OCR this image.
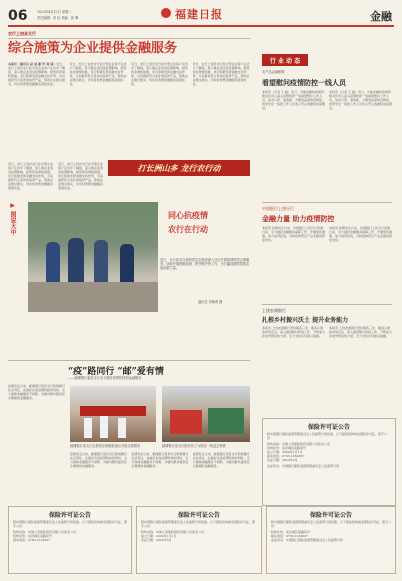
06	2022年4月12日 星期二
责任编辑：李 佳 美编：张 琳	福建日报	金融
农行上饶县支行
综合施策为企业提供金融服务
本报讯（通讯员 赵 诚 谢 军 周 倩）近日，农行上饶县支行在中型企业客户走访中了解到，某小微企业因受疫情影响，经营资金周转困难。该行积极发挥金融支持作用，为其推荐符合条件的信贷产品，帮助企业渡过难关，切实将普惠金融服务落到实处。
近日，农行上饶县支行在中型企业客户走访中了解到，某小微企业因受疫情影响，经营资金周转困难。该行积极发挥金融支持作用，为其推荐符合条件的信贷产品，帮助企业渡过难关，切实将普惠金融服务落到实处。
近日，农行上饶县支行在中型企业客户走访中了解到，某小微企业因受疫情影响，经营资金周转困难。该行积极发挥金融支持作用，为其推荐符合条件的信贷产品，帮助企业渡过难关，切实将普惠金融服务落到实处。
近日，农行上饶县支行在中型企业客户走访中了解到，某小微企业因受疫情影响，经营资金周转困难。该行积极发挥金融支持作用，为其推荐符合条件的信贷产品，帮助企业渡过难关，切实将普惠金融服务落到实处。
打长洲山多 龙行农行动
近日，农行上饶县支行在中型企业客户走访中了解到，某小微企业因受疫情影响，经营资金周转困难。该行积极发挥金融支持作用，为其推荐符合条件的信贷产品，帮助企业渡过难关，切实将普惠金融服务落到实处。
近日，农行上饶县支行在中型企业客户走访中了解到，某小微企业因受疫情影响，经营资金周转困难。该行积极发挥金融支持作用，为其推荐符合条件的信贷产品，帮助企业渡过难关，切实将普惠金融服务落到实处。
▶ 图说大中	同心抗疫情
农行在行动
近日，农行某支行组织党员志愿者深入社区开展疫情防控志愿服务，协助开展核酸检测、秩序维护等工作，为打赢疫情防控阻击战贡献力量。
通讯员 李晓明 摄
行 业 动 态
农产品金融保障
看望慰问疫情防控一线人员
本报讯（记者 王 磊）近日，当地金融机构组织相关负责人深入疫情防控一线看望慰问工作人员，送去口罩、消毒液、方便食品等防疫物资，向坚守在一线的工作人员表示衷心感谢和崇高敬意。
本报讯（记者 王 磊）近日，当地金融机构组织相关负责人深入疫情防控一线看望慰问工作人员，送去口罩、消毒液、方便食品等防疫物资，向坚守在一线的工作人员表示衷心感谢和崇高敬意。
中国银行上饶分行
金融力量 助力疫情防控
本报讯 疫情发生以来，中国银行上饶分行迅速行动，全力做好金融服务保障工作，开通绿色通道，加大信贷投放，为防疫物资生产企业提供资金支持。
本报讯 疫情发生以来，中国银行上饶分行迅速行动，全力做好金融服务保障工作，开通绿色通道，加大信贷投放，为防疫物资生产企业提供资金支持。
上饶农商银行
扎根乡村振兴沃土 提升业务能力
本报讯 上饶农商银行坚持服务三农、服务小微的市场定位，深入推进整村授信工作，不断加大涉农贷款投放力度，全力支持乡村振兴战略。
本报讯 上饶农商银行坚持服务三农、服务小微的市场定位，深入推进整村授信工作，不断加大涉农贷款投放力度，全力支持乡村振兴战略。
“疫”路同行 “邮”爱有情
——邮储银行某县支行全力做好疫情防控和金融服务
疫情发生以来，邮储银行某县支行积极履行社会责任，在做好自身疫情防控的同时，全力保障金融服务不间断，为辖内群众提供安全便捷的金融服务。
邮储银行某支行志愿者在核酸检测点开展志愿服务	邮储银行某支行组织员工为防疫一线送去物资
疫情发生以来，邮储银行某县支行积极履行社会责任，在做好自身疫情防控的同时，全力保障金融服务不间断，为辖内群众提供安全便捷的金融服务。
疫情发生以来，邮储银行某县支行积极履行社会责任，在做好自身疫情防控的同时，全力保障金融服务不间断，为辖内群众提供安全便捷的金融服务。
疫情发生以来，邮储银行某县支行积极履行社会责任，在做好自身疫情防控的同时，全力保障金融服务不间断，为辖内群众提供安全便捷的金融服务。
保险许可证公告
经中国银行保险监督管理委员会上饶监管分局批准，以下保险机构换发保险许可证，现予公告：
机构名称：中国人寿保险股份有限公司某支公司
机构住所：某县城区某路某号
成立日期：2000年1月1日
联系电话：0793-1234567
发证日期：2022年3月
发证机关：中国银行保险监督管理委员会上饶监管分局
保险许可证公告
经中国银行保险监督管理委员会上饶监管分局批准，以下保险机构换发保险许可证，现予公告：
机构名称：中国人寿保险股份有限公司某支公司
机构住所：某县城区某路某号
联系电话：0793-1234567
保险许可证公告
经中国银行保险监督管理委员会上饶监管分局批准，以下保险机构换发保险许可证，现予公告：
机构名称：中国人寿保险股份有限公司某支公司
成立日期：2000年1月1日
发证日期：2022年3月
保险许可证公告
经中国银行保险监督管理委员会上饶监管分局批准，以下保险机构换发保险许可证，现予公告：
机构住所：某县城区某路某号
联系电话：0793-1234567
发证机关：中国银行保险监督管理委员会上饶监管分局
